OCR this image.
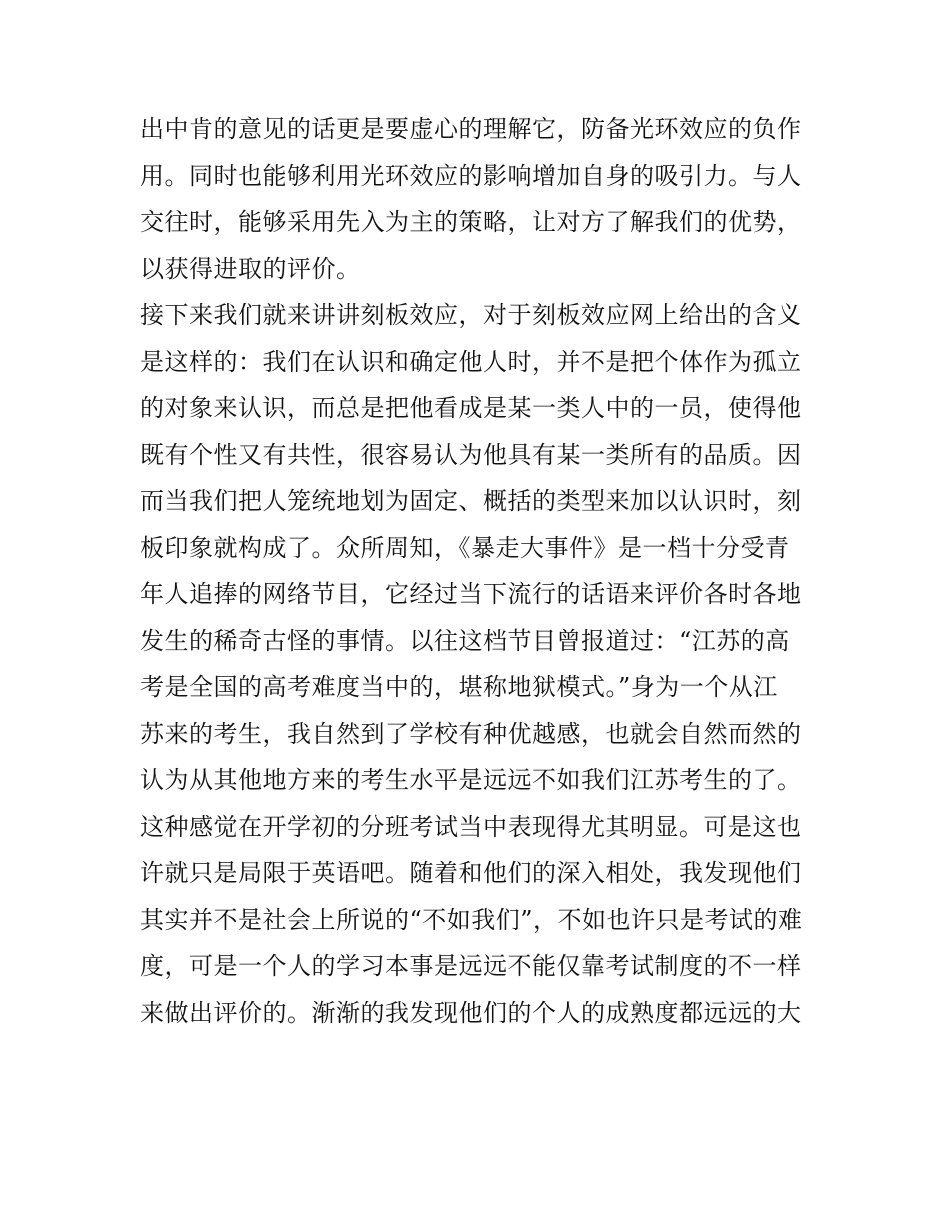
出中肯的意见的话更是要虚心的理解它，防备光环效应的负作
用。同时也能够利用光环效应的影响增加自身的吸引力。与人
交往时，能够采用先入为主的策略，让对方了解我们的优势，
以获得进取的评价。
接下来我们就来讲讲刻板效应，对于刻板效应网上给出的含义
是这样的：我们在认识和确定他人时，并不是把个体作为孤立
的对象来认识，而总是把他看成是某一类人中的一员，使得他
既有个性又有共性，很容易认为他具有某一类所有的品质。因
而当我们把人笼统地划为固定、概括的类型来加以认识时，刻
板印象就构成了。众所周知，《暴走大事件》是一档十分受青
年人追捧的网络节目，它经过当下流行的话语来评价各时各地
发生的稀奇古怪的事情。以往这档节目曾报道过：“江苏的高
考是全国的高考难度当中的，堪称地狱模式。”身为一个从江
苏来的考生，我自然到了学校有种优越感，也就会自然而然的
认为从其他地方来的考生水平是远远不如我们江苏考生的了。
这种感觉在开学初的分班考试当中表现得尤其明显。可是这也
许就只是局限于英语吧。随着和他们的深入相处，我发现他们
其实并不是社会上所说的“不如我们”，不如也许只是考试的难
度，可是一个人的学习本事是远远不能仅靠考试制度的不一样
来做出评价的。渐渐的我发现他们的个人的成熟度都远远的大
